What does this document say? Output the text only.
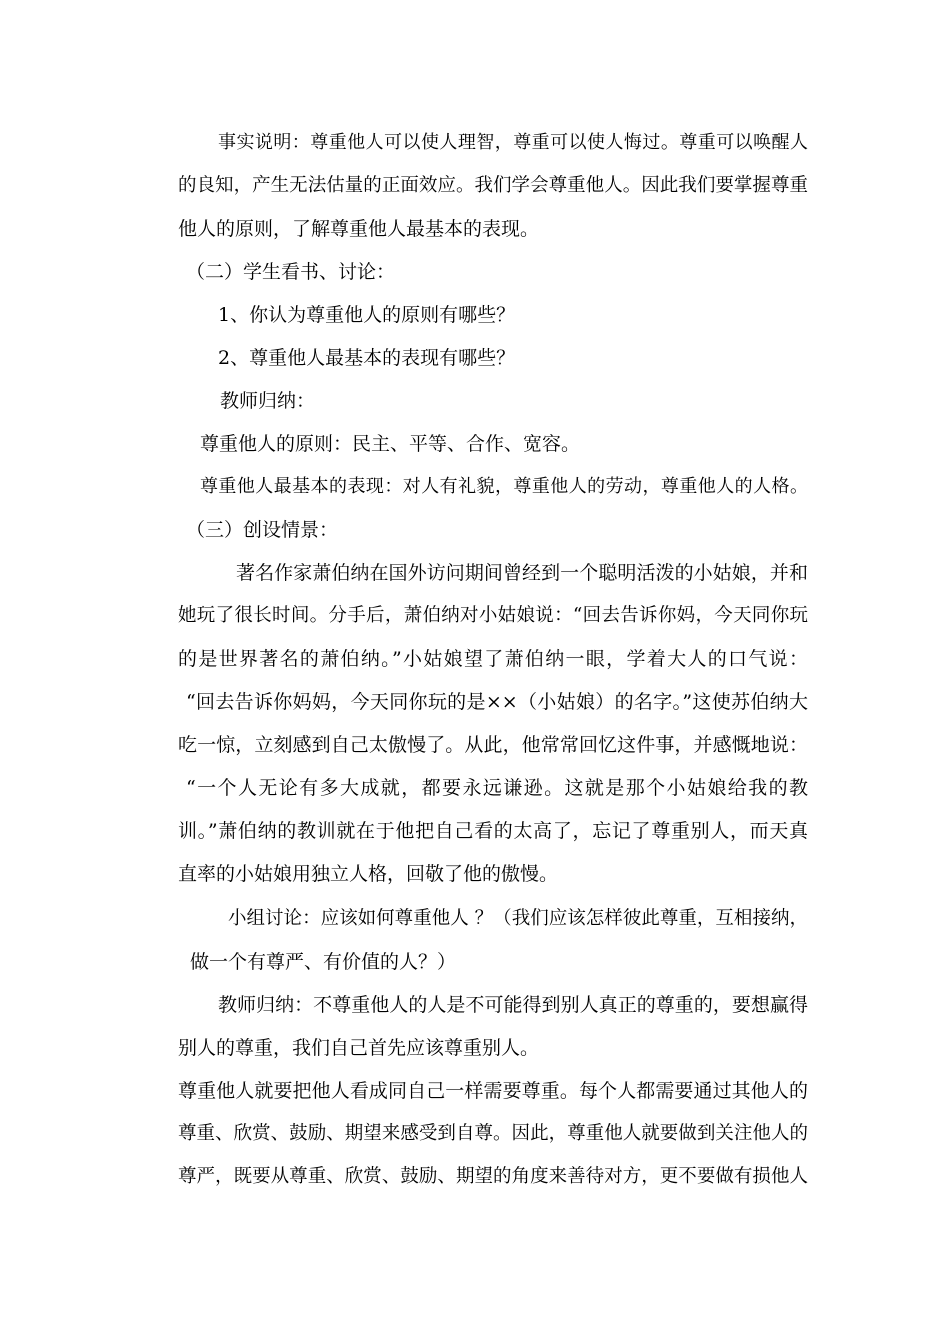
事实说明：尊重他人可以使人理智，尊重可以使人悔过。尊重可以唤醒人
的良知，产生无法估量的正面效应。我们学会尊重他人。因此我们要掌握尊重
他人的原则，了解尊重他人最基本的表现。
（二）学生看书、讨论：
1、你认为尊重他人的原则有哪些？
2、尊重他人最基本的表现有哪些？
教师归纳：
尊重他人的原则：民主、平等、合作、宽容。
尊重他人最基本的表现：对人有礼貌，尊重他人的劳动，尊重他人的人格。
（三）创设情景：
著名作家萧伯纳在国外访问期间曾经到一个聪明活泼的小姑娘，并和
她玩了很长时间。分手后，萧伯纳对小姑娘说：“回去告诉你妈，今天同你玩
的是世界著名的萧伯纳。”小姑娘望了萧伯纳一眼，学着大人的口气说：
“回去告诉你妈妈，今天同你玩的是××（小姑娘）的名字。”这使苏伯纳大
吃一惊，立刻感到自己太傲慢了。从此，他常常回忆这件事，并感慨地说：
“一个人无论有多大成就，都要永远谦逊。这就是那个小姑娘给我的教
训。”萧伯纳的教训就在于他把自己看的太高了，忘记了尊重别人，而天真
直率的小姑娘用独立人格，回敬了他的傲慢。
小组讨论：应该如何尊重他人 ？（我们应该怎样彼此尊重，互相接纳，
做一个有尊严、有价值的人？）
教师归纳：不尊重他人的人是不可能得到别人真正的尊重的，要想赢得
别人的尊重，我们自己首先应该尊重别人。
尊重他人就要把他人看成同自己一样需要尊重。每个人都需要通过其他人的
尊重、欣赏、鼓励、期望来感受到自尊。因此，尊重他人就要做到关注他人的
尊严，既要从尊重、欣赏、鼓励、期望的角度来善待对方，更不要做有损他人
